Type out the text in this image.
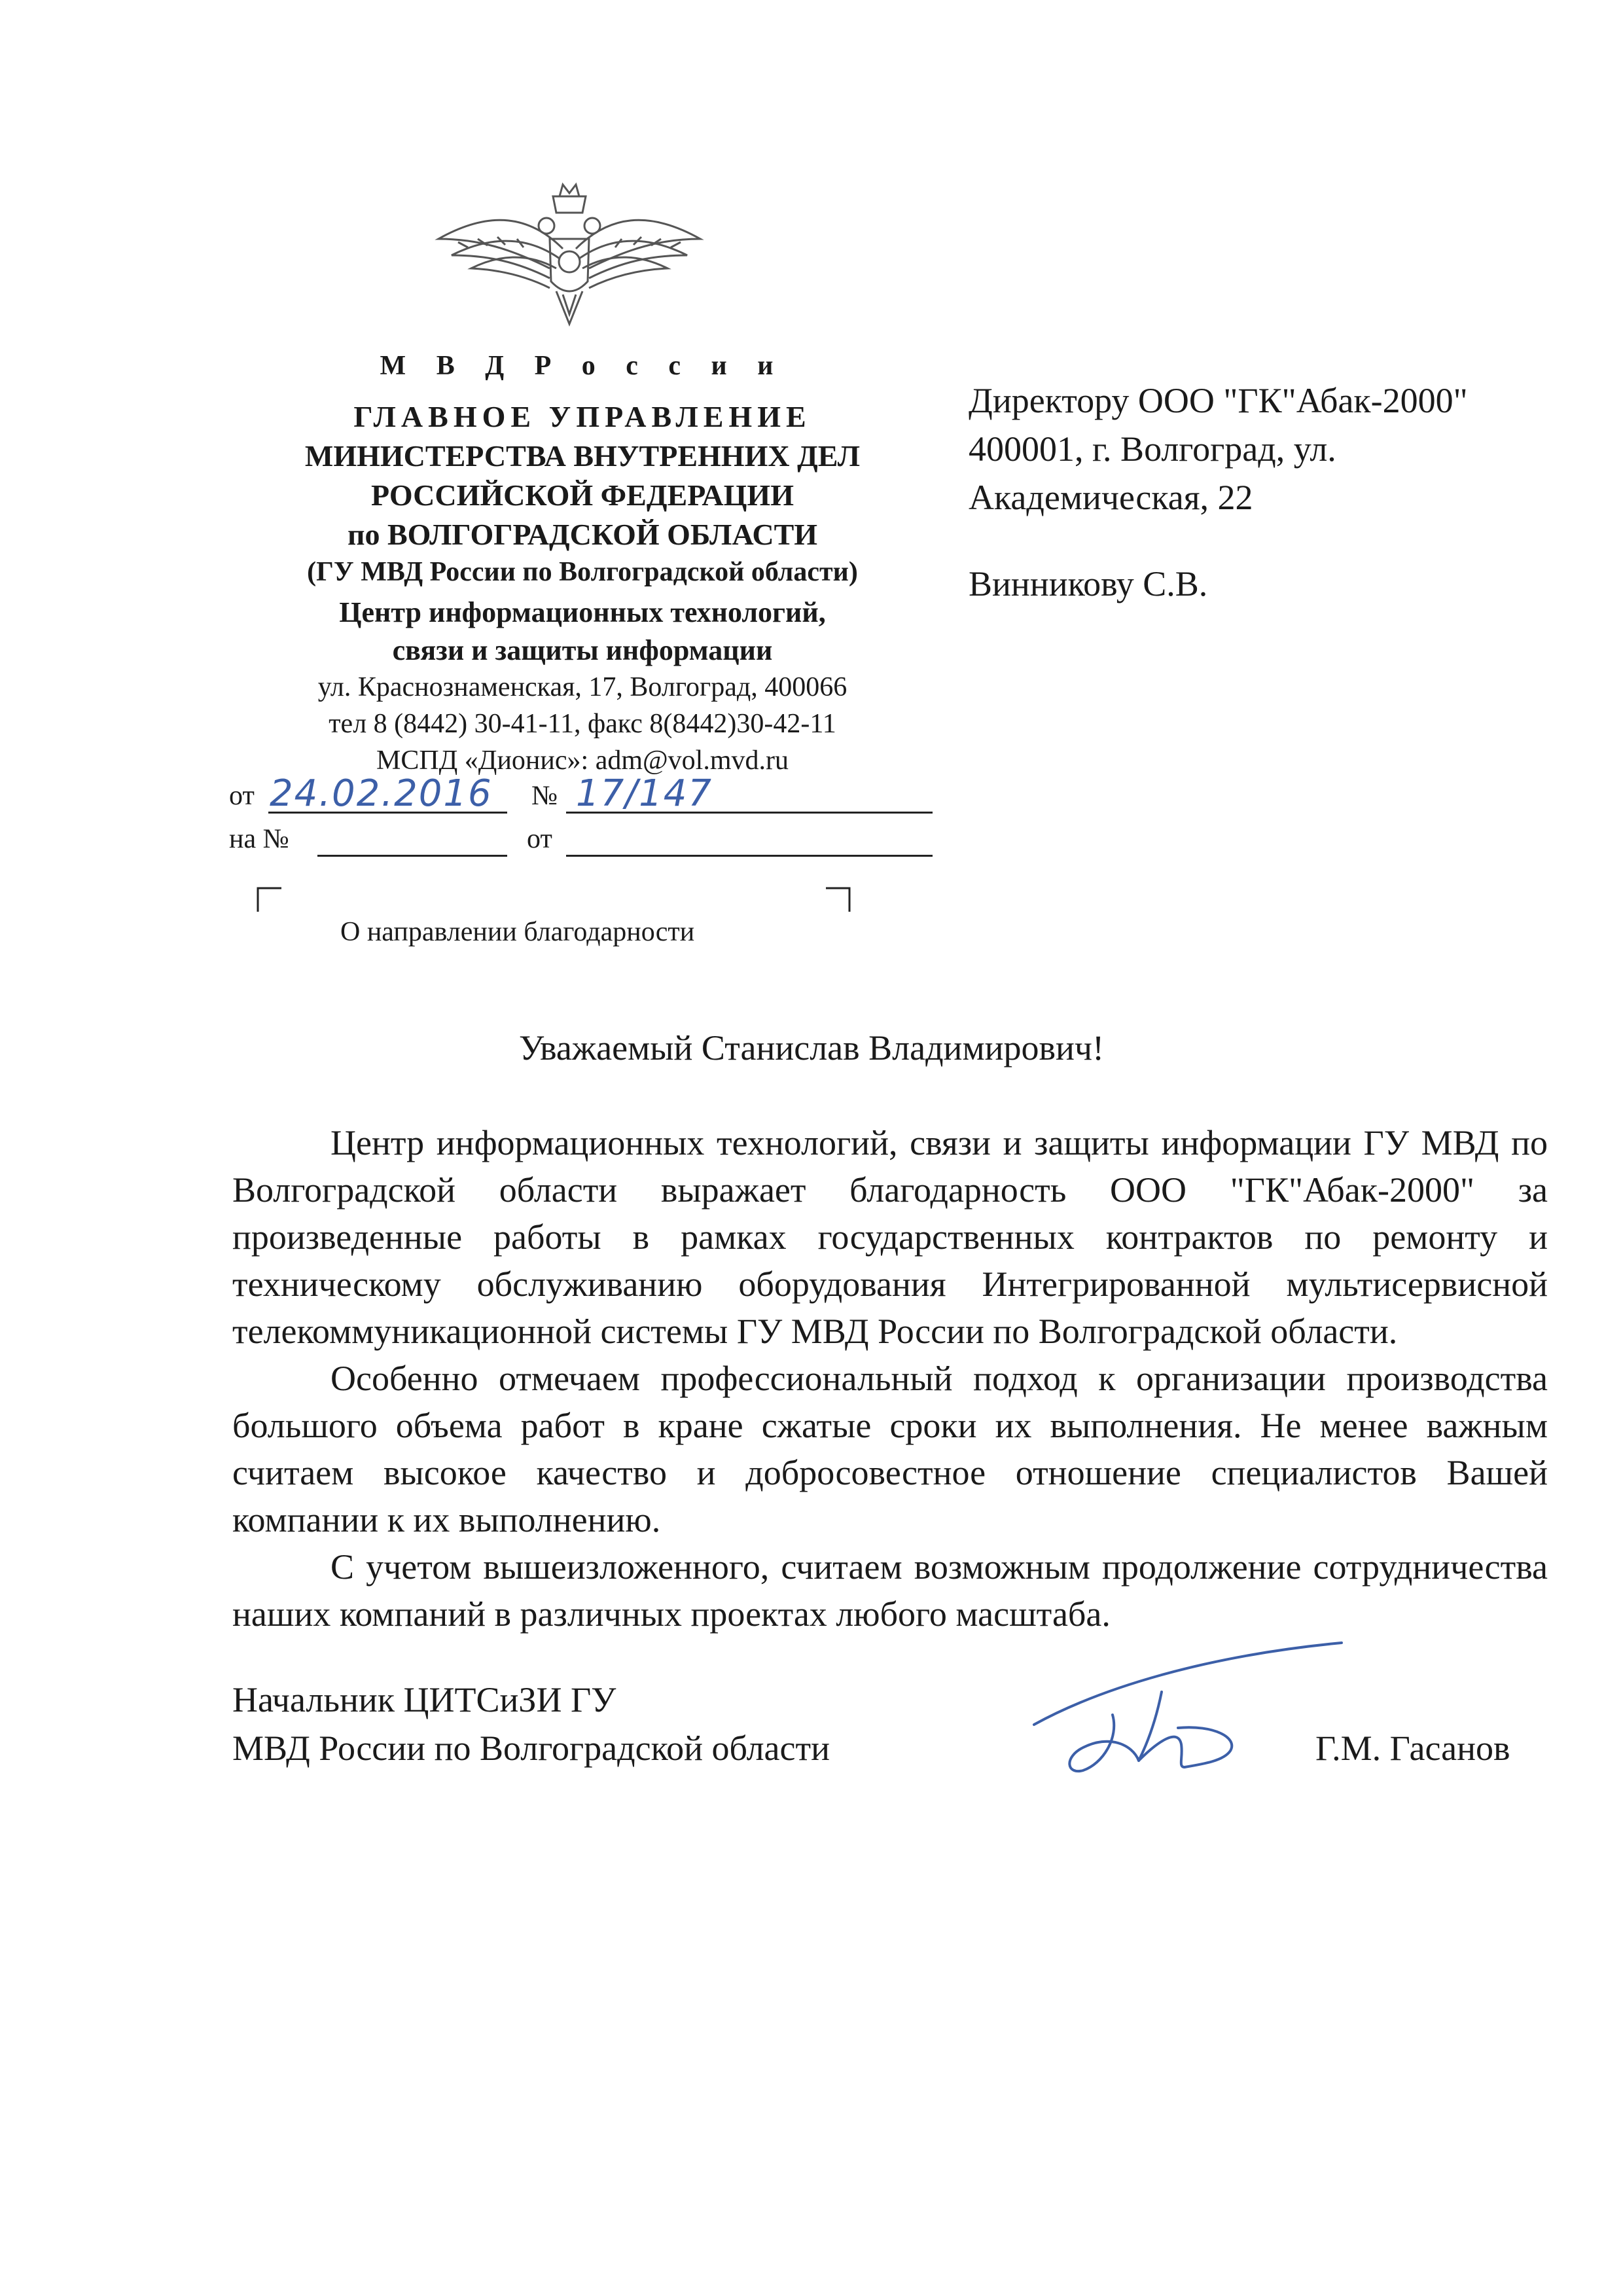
М В Д Р о с с и и

ГЛАВНОЕ УПРАВЛЕНИЕ

МИНИСТЕРСТВА ВНУТРЕННИХ ДЕЛ

РОССИЙСКОЙ ФЕДЕРАЦИИ

по ВОЛГОГРАДСКОЙ ОБЛАСТИ

(ГУ МВД России по Волгоградской области)

Центр информационных технологий,

связи и защиты информации

ул. Краснознаменская, 17, Волгоград, 400066

тел 8 (8442) 30-41-11, факс 8(8442)30-42-11

МСПД «Дионис»: adm@vol.mvd.ru

от 24.02.2016 № 17/147
на №	от
О направлении благодарности
Директору ООО "ГК"Абак-2000"
400001, г. Волгоград, ул.
Академическая, 22
Винникову С.В.
Уважаемый Станислав Владимирович!

Центр информационных технологий, связи и защиты информации ГУ МВД по Волгоградской области выражает благодарность ООО "ГК"Абак-2000" за произведенные работы в рамках государственных контрактов по ремонту и техническому обслуживанию оборудования Интегрированной мультисервисной телекоммуникационной системы ГУ МВД России по Волгоградской области.

Особенно отмечаем профессиональный подход к организации производства большого объема работ в кране сжатые сроки их выполнения. Не менее важным считаем высокое качество и добросовестное отношение специалистов Вашей компании к их выполнению.

С учетом вышеизложенного, считаем возможным продолжение сотрудничества наших компаний в различных проектах любого масштаба.

Начальник ЦИТСиЗИ ГУ
МВД России по Волгоградской области	Г.М. Гасанов
